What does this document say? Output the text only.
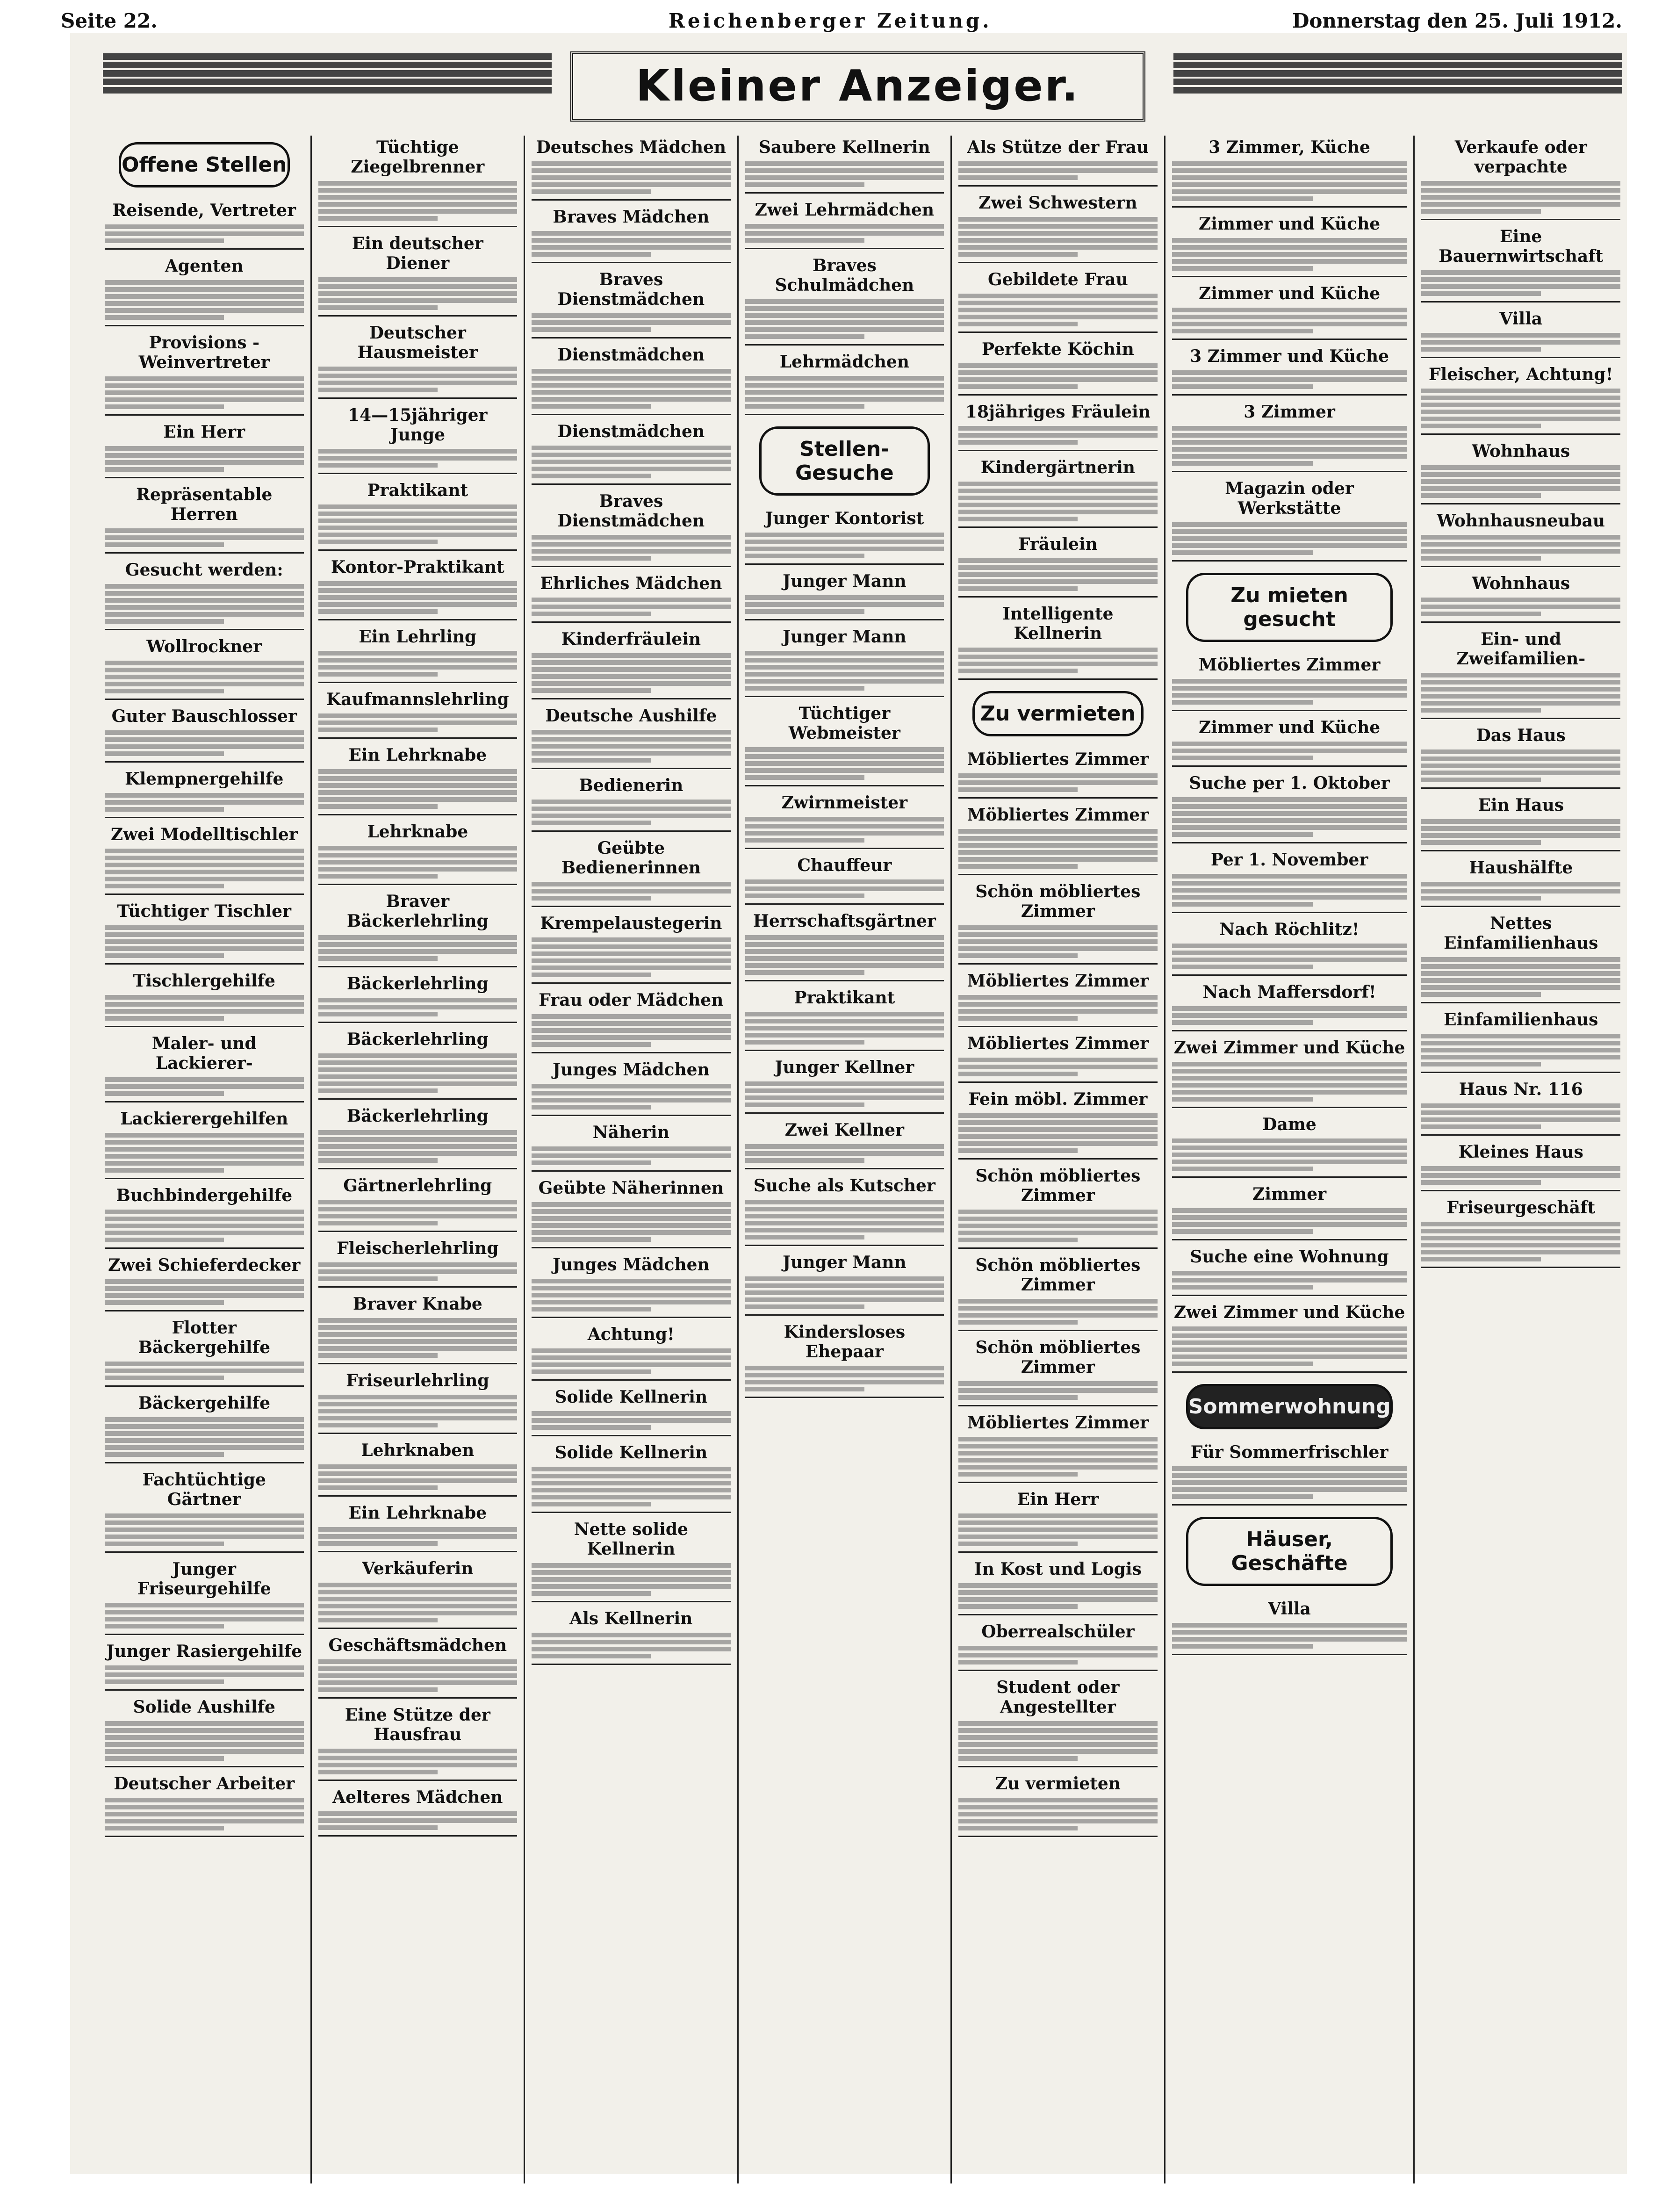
Seite 22.	Reichenberger Zeitung.	Donnerstag den 25. Juli 1912.
Kleiner Anzeiger.
Offene Stellen
Reisende, Vertreter
Agenten
Provisions - Weinvertreter
Ein Herr
Repräsentable Herren
Gesucht werden:
Wollrockner
Guter Bauschlosser
Klempnergehilfe
Zwei Modelltischler
Tüchtiger Tischler
Tischlergehilfe
Maler- und Lackierer-
Lackierergehilfen
Buchbindergehilfe
Zwei Schieferdecker
Flotter Bäckergehilfe
Bäckergehilfe
Fachtüchtige Gärtner
Junger Friseurgehilfe
Junger Rasiergehilfe
Solide Aushilfe
Deutscher Arbeiter
Tüchtige Ziegelbrenner
Ein deutscher Diener
Deutscher Hausmeister
14—15jähriger Junge
Praktikant
Kontor-Praktikant
Ein Lehrling
Kaufmannslehrling
Ein Lehrknabe
Lehrknabe
Braver Bäckerlehrling
Bäckerlehrling
Bäckerlehrling
Bäckerlehrling
Gärtnerlehrling
Fleischerlehrling
Braver Knabe
Friseurlehrling
Lehrknaben
Ein Lehrknabe
Verkäuferin
Geschäftsmädchen
Eine Stütze der Hausfrau
Aelteres Mädchen
Deutsches Mädchen
Braves Mädchen
Braves Dienstmädchen
Dienstmädchen
Dienstmädchen
Braves Dienstmädchen
Ehrliches Mädchen
Kinderfräulein
Deutsche Aushilfe
Bedienerin
Geübte Bedienerinnen
Krempelaustegerin
Frau oder Mädchen
Junges Mädchen
Näherin
Geübte Näherinnen
Junges Mädchen
Achtung!
Solide Kellnerin
Solide Kellnerin
Nette solide Kellnerin
Als Kellnerin
Saubere Kellnerin
Zwei Lehrmädchen
Braves Schulmädchen
Lehrmädchen
Stellen-Gesuche
Junger Kontorist
Junger Mann
Junger Mann
Tüchtiger Webmeister
Zwirnmeister
Chauffeur
Herrschaftsgärtner
Praktikant
Junger Kellner
Zwei Kellner
Suche als Kutscher
Junger Mann
Kindersloses Ehepaar
Als Stütze der Frau
Zwei Schwestern
Gebildete Frau
Perfekte Köchin
18jähriges Fräulein
Kindergärtnerin
Fräulein
Intelligente Kellnerin
Zu vermieten
Möbliertes Zimmer
Möbliertes Zimmer
Schön möbliertes Zimmer
Möbliertes Zimmer
Möbliertes Zimmer
Fein möbl. Zimmer
Schön möbliertes Zimmer
Schön möbliertes Zimmer
Schön möbliertes Zimmer
Möbliertes Zimmer
Ein Herr
In Kost und Logis
Oberrealschüler
Student oder Angestellter
Zu vermieten
3 Zimmer, Küche
Zimmer und Küche
Zimmer und Küche
3 Zimmer und Küche
3 Zimmer
Magazin oder Werkstätte
Zu mieten gesucht
Möbliertes Zimmer
Zimmer und Küche
Suche per 1. Oktober
Per 1. November
Nach Röchlitz!
Nach Maffersdorf!
Zwei Zimmer und Küche
Dame
Zimmer
Suche eine Wohnung
Zwei Zimmer und Küche
Sommerwohnung
Für Sommerfrischler
Häuser, Geschäfte
Villa
Verkaufe oder verpachte
Eine Bauernwirtschaft
Villa
Fleischer, Achtung!
Wohnhaus
Wohnhausneubau
Wohnhaus
Ein- und Zweifamilien-
Das Haus
Ein Haus
Haushälfte
Nettes Einfamilienhaus
Einfamilienhaus
Haus Nr. 116
Kleines Haus
Friseurgeschäft
